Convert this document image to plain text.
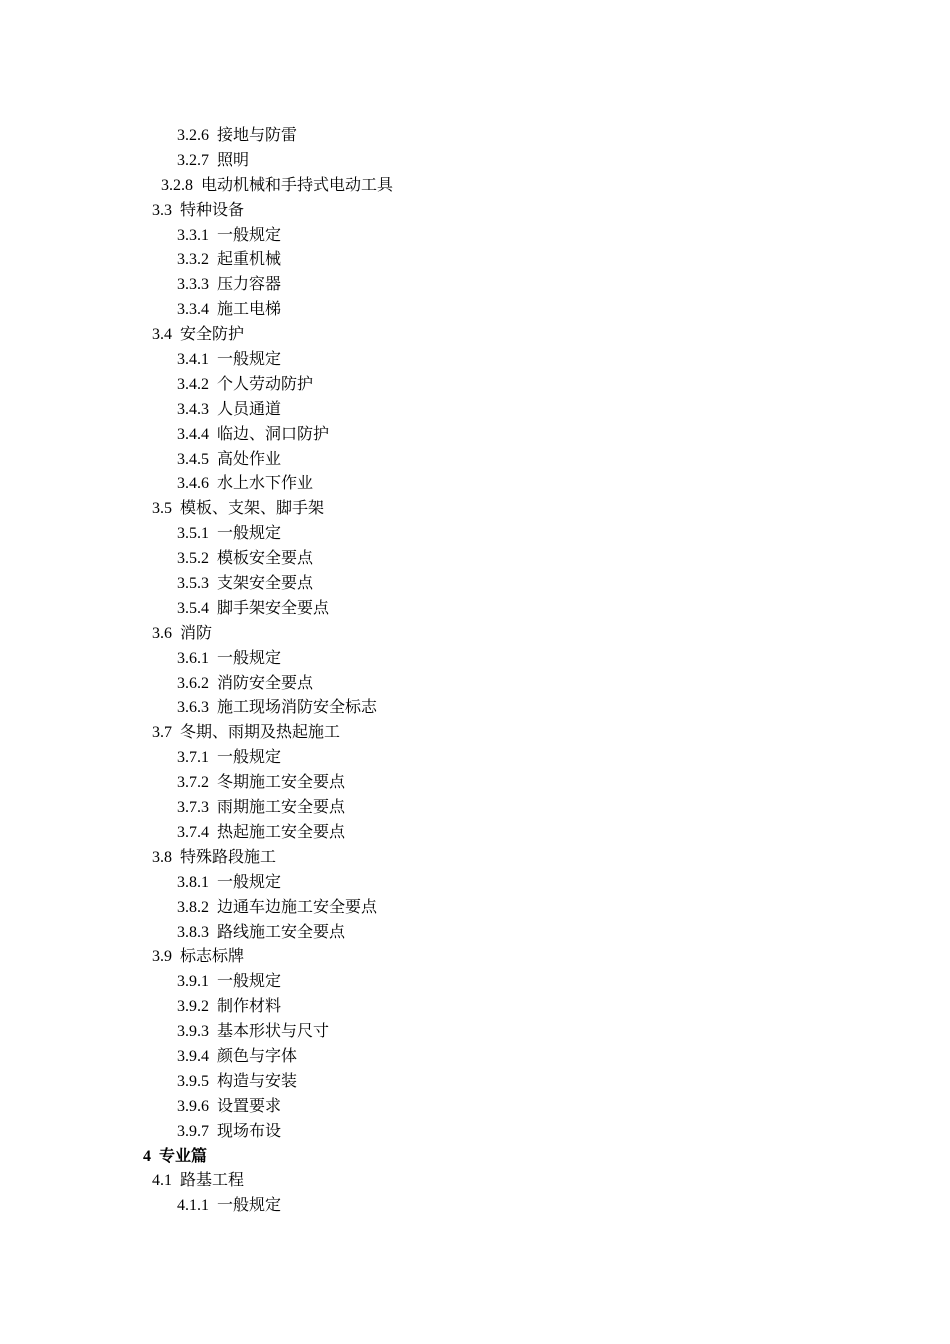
3.2.6 接地与防雷
3.2.7 照明
3.2.8 电动机械和手持式电动工具
3.3 特种设备
3.3.1 一般规定
3.3.2 起重机械
3.3.3 压力容器
3.3.4 施工电梯
3.4 安全防护
3.4.1 一般规定
3.4.2 个人劳动防护
3.4.3 人员通道
3.4.4 临边、洞口防护
3.4.5 高处作业
3.4.6 水上水下作业
3.5 模板、支架、脚手架
3.5.1 一般规定
3.5.2 模板安全要点
3.5.3 支架安全要点
3.5.4 脚手架安全要点
3.6 消防
3.6.1 一般规定
3.6.2 消防安全要点
3.6.3 施工现场消防安全标志
3.7 冬期、雨期及热起施工
3.7.1 一般规定
3.7.2 冬期施工安全要点
3.7.3 雨期施工安全要点
3.7.4 热起施工安全要点
3.8 特殊路段施工
3.8.1 一般规定
3.8.2 边通车边施工安全要点
3.8.3 路线施工安全要点
3.9 标志标牌
3.9.1 一般规定
3.9.2 制作材料
3.9.3 基本形状与尺寸
3.9.4 颜色与字体
3.9.5 构造与安装
3.9.6 设置要求
3.9.7 现场布设
4 专业篇
4.1 路基工程
4.1.1 一般规定
